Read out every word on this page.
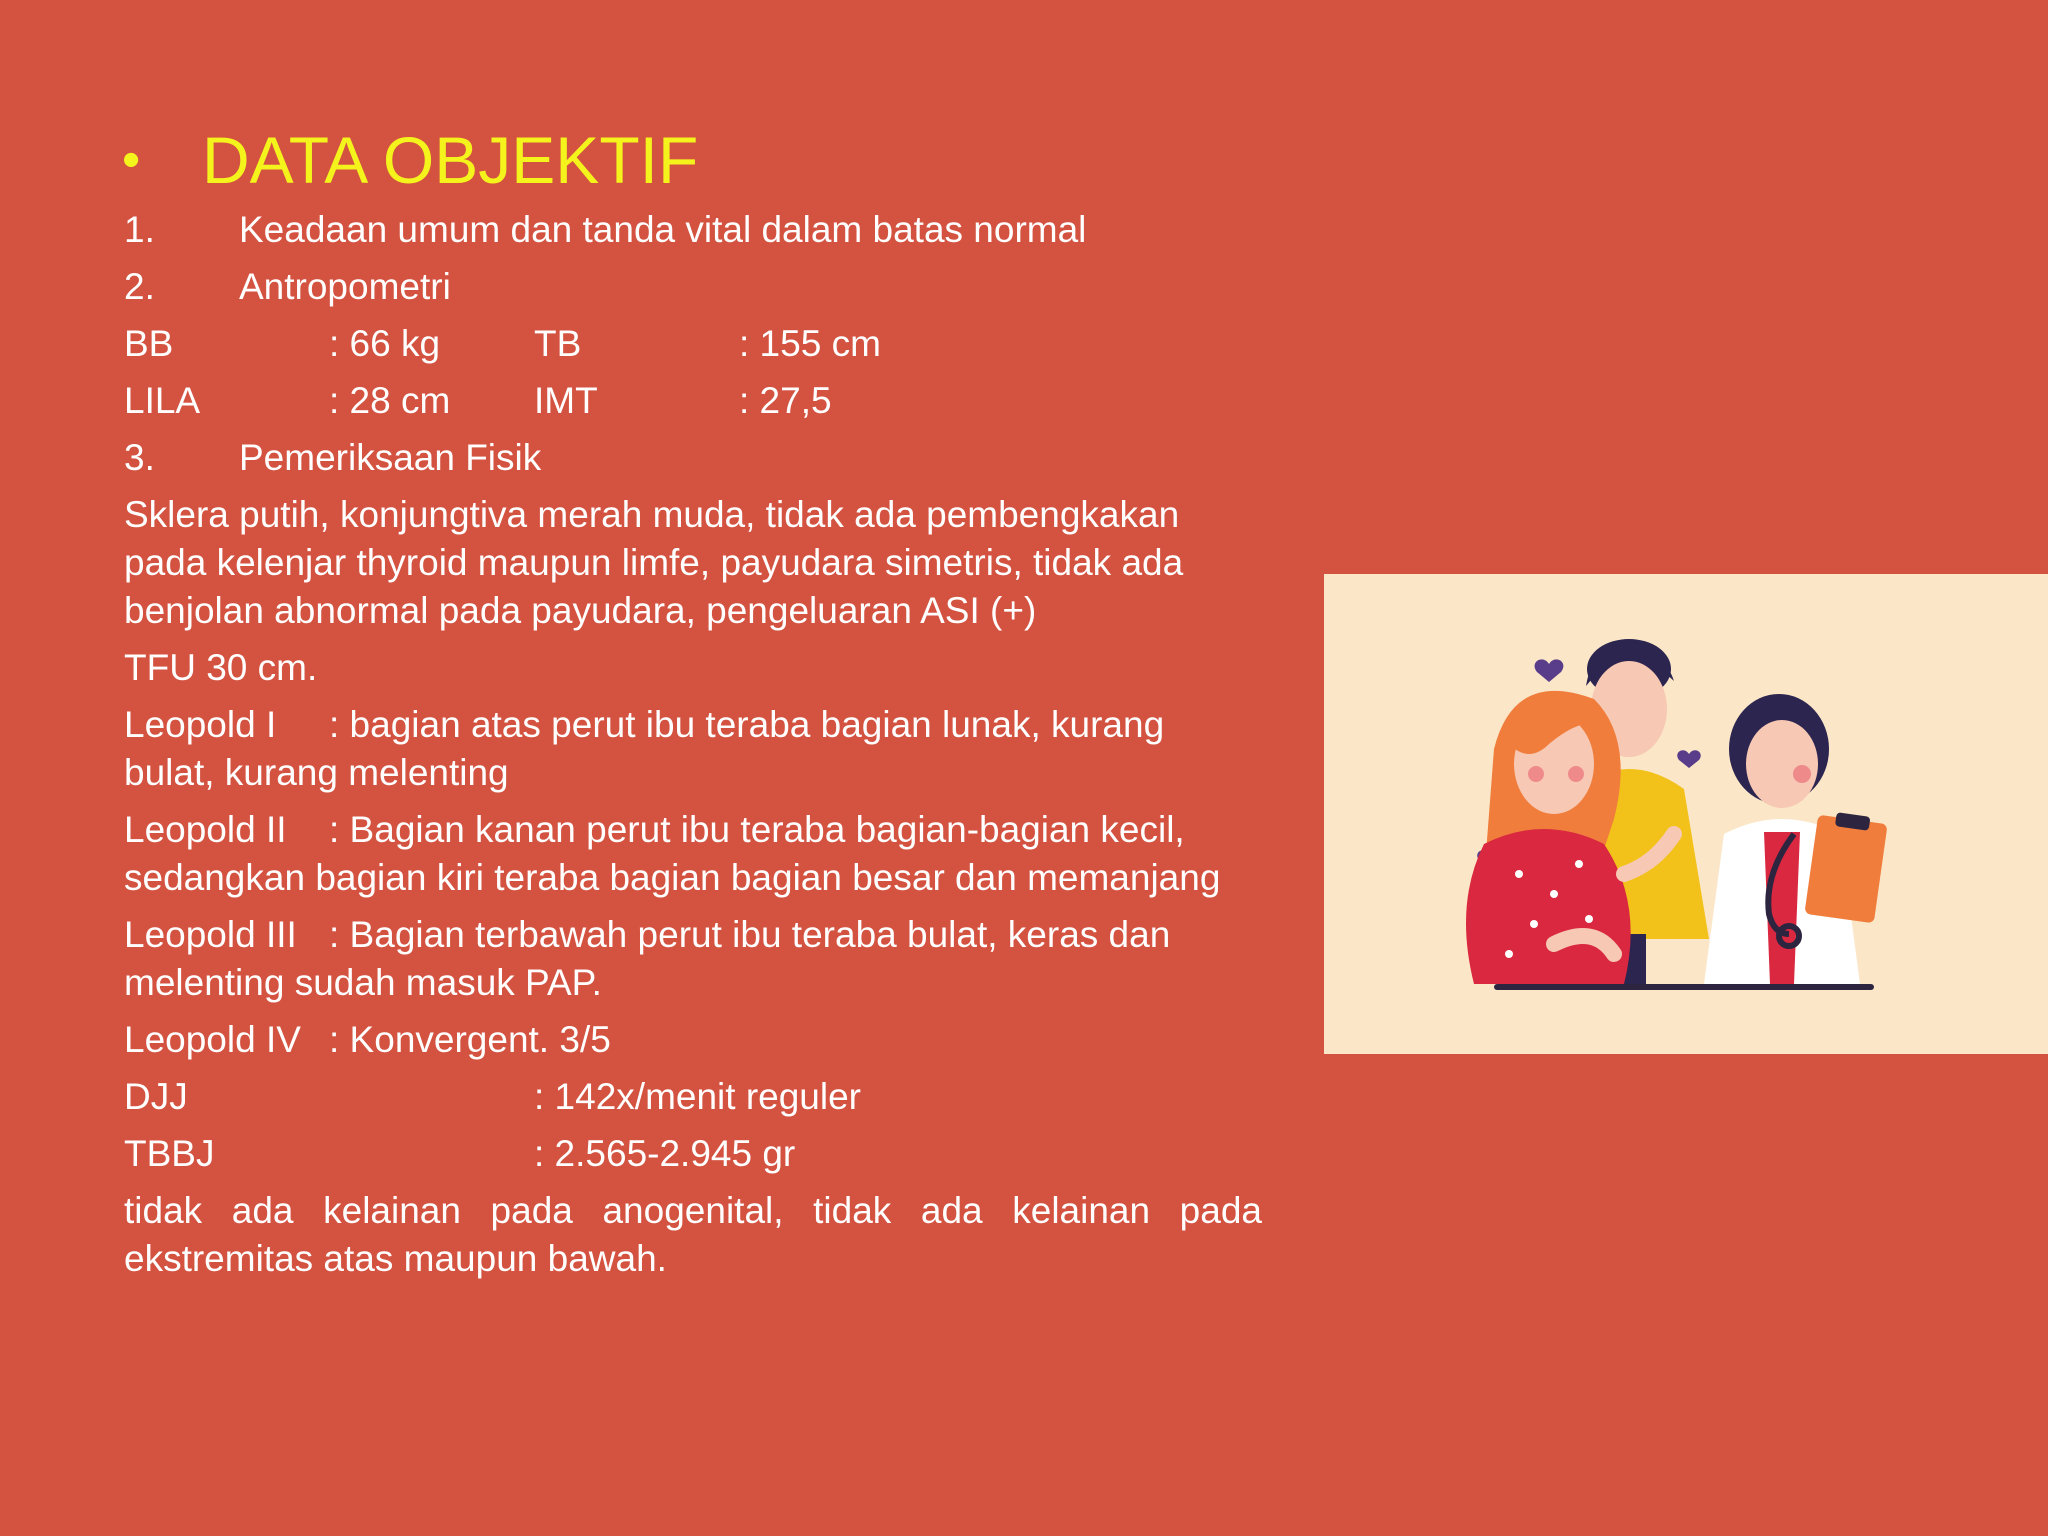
• DATA OBJEKTIF
1. Keadaan umum dan tanda vital dalam batas normal
2. Antropometri
BB	: 66 kg	TB	: 155 cm
LILA	: 28 cm IMT	: 27,5
3. Pemeriksaan Fisik
Sklera putih, konjungtiva merah muda, tidak ada pembengkakan pada kelenjar thyroid maupun limfe, payudara simetris, tidak ada benjolan abnormal pada payudara, pengeluaran ASI (+)
TFU 30 cm.
Leopold I : bagian atas perut ibu teraba bagian lunak, kurang bulat, kurang melenting
Leopold II : Bagian kanan perut ibu teraba bagian-bagian kecil, sedangkan bagian kiri teraba bagian bagian besar dan memanjang
Leopold III : Bagian terbawah perut ibu teraba bulat, keras dan melenting sudah masuk PAP.
Leopold IV : Konvergent. 3/5
DJJ	: 142x/menit reguler
TBBJ	: 2.565-2.945 gr
tidak ada kelainan pada anogenital, tidak ada kelainan pada ekstremitas atas maupun bawah.
